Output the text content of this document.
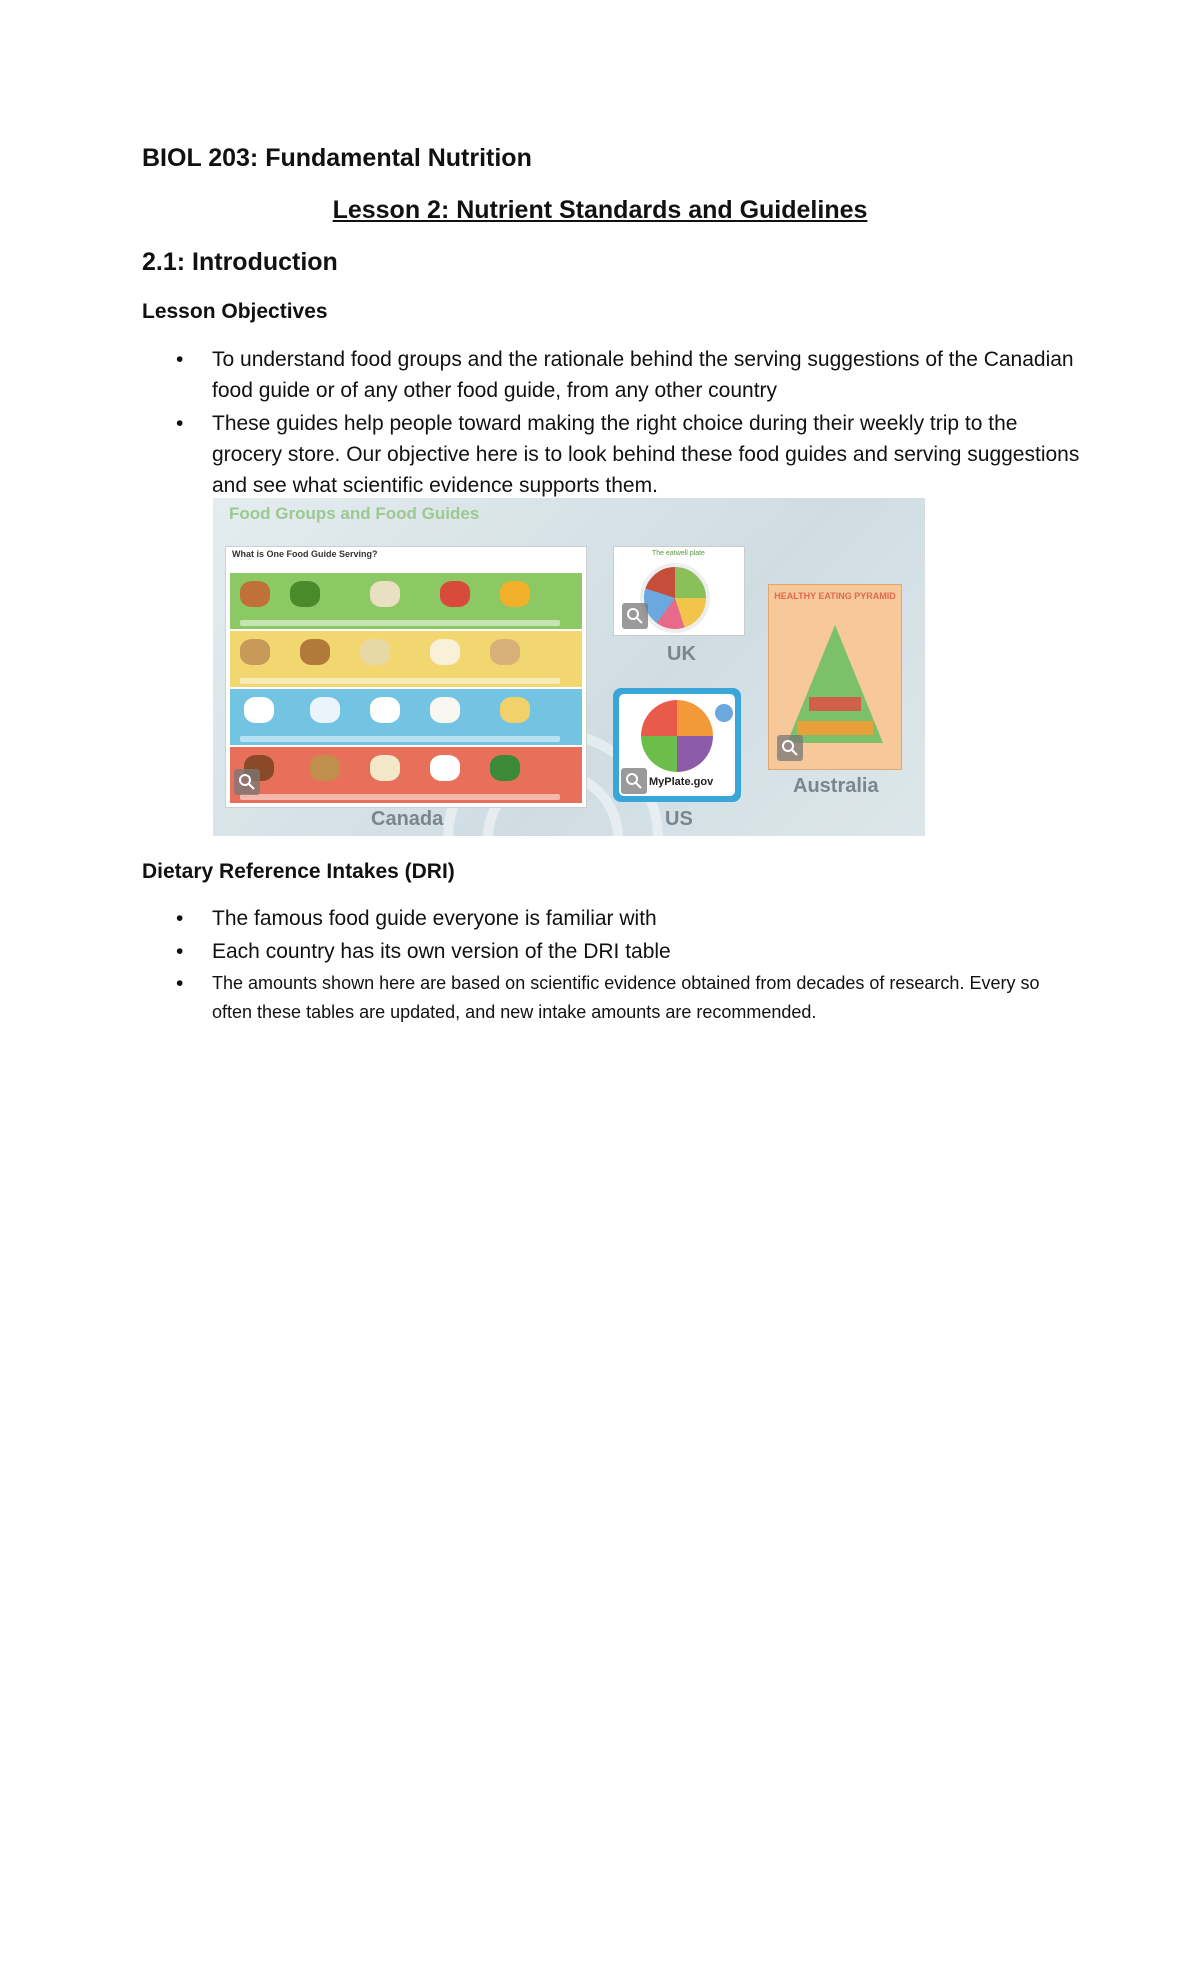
BIOL 203: Fundamental Nutrition
Lesson 2: Nutrient Standards and Guidelines
2.1: Introduction
Lesson Objectives
• To understand food groups and the rationale behind the serving suggestions of the Canadian food guide or of any other food guide, from any other country
• These guides help people toward making the right choice during their weekly trip to the grocery store. Our objective here is to look behind these food guides and serving suggestions and see what scientific evidence supports them.
Food Groups and Food Guides
What is One Food Guide Serving?
Canada
The eatwell plate
UK
MyPlate.gov
US
HEALTHY EATING PYRAMID
Australia
Dietary Reference Intakes (DRI)
• The famous food guide everyone is familiar with
• Each country has its own version of the DRI table
• The amounts shown here are based on scientific evidence obtained from decades of research. Every so often these tables are updated, and new intake amounts are recommended.
